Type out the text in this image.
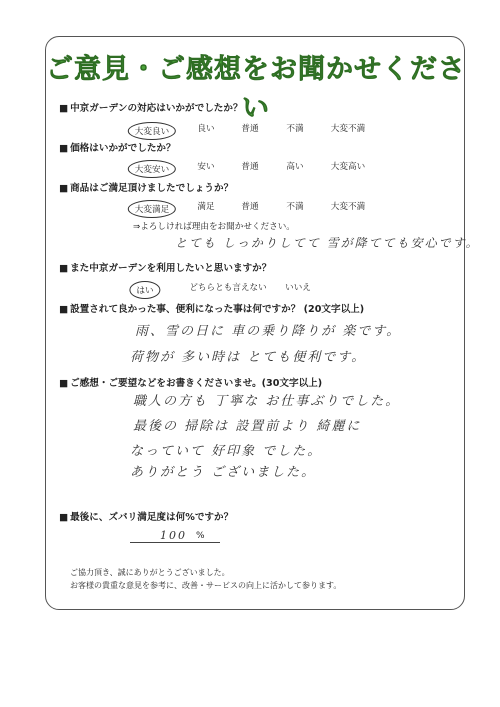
ご意見・ご感想をお聞かせください
■ 中京ガーデンの対応はいかがでしたか？
大変良い	良い	普通	不満	大変不満
■ 価格はいかがでしたか？
大変安い	安い	普通	高い	大変高い
■ 商品はご満足頂けましたでしょうか？
大変満足	満足	普通	不満	大変不満
⇒よろしければ理由をお聞かせください。
とても しっかりしてて 雪が降てても安心です。
■ また中京ガーデンを利用したいと思いますか？
はい	どちらとも言えない いいえ
■ 設置されて良かった事、便利になった事は何ですか？ (20文字以上)
雨、雪の日に 車の乗り降りが 楽です。
荷物が 多い時は とても便利です。
■ ご感想・ご要望などをお書きくださいませ。(30文字以上)
職人の方も 丁寧な お仕事ぶりでした。
最後の 掃除は 設置前より 綺麗に
なっていて 好印象 でした。
ありがとう ございました。
■ 最後に、ズバリ満足度は何%ですか？
100 %
ご協力頂き、誠にありがとうございました。
お客様の貴重な意見を参考に、改善・サービスの向上に活かして参ります。
